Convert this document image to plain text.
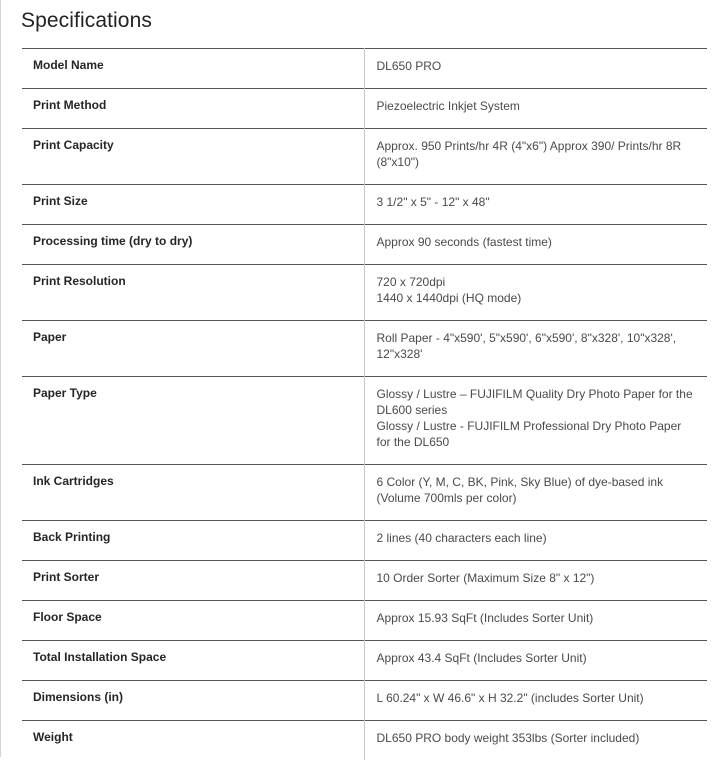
Specifications
Model Name	DL650 PRO

Print Method	Piezoelectric Inkjet System

Print Capacity	Approx. 950 Prints/hr 4R (4"x6") Approx 390/ Prints/hr 8R (8"x10")

Print Size	3 1/2" x 5" - 12" x 48"

Processing time (dry to dry)	Approx 90 seconds (fastest time)

Print Resolution	720 x 720dpi
1440 x 1440dpi (HQ mode)

Paper	Roll Paper - 4"x590', 5"x590', 6"x590', 8"x328', 10"x328', 12"x328'

Paper Type	Glossy / Lustre – FUJIFILM Quality Dry Photo Paper for the DL600 series
Glossy / Lustre - FUJIFILM Professional Dry Photo Paper for the DL650

Ink Cartridges	6 Color (Y, M, C, BK, Pink, Sky Blue) of dye-based ink (Volume 700mls per color)

Back Printing	2 lines (40 characters each line)

Print Sorter	10 Order Sorter (Maximum Size 8" x 12")

Floor Space	Approx 15.93 SqFt (Includes Sorter Unit)

Total Installation Space	Approx 43.4 SqFt (Includes Sorter Unit)

Dimensions (in)	L 60.24" x W 46.6" x H 32.2" (includes Sorter Unit)

Weight	DL650 PRO body weight 353lbs (Sorter included)
